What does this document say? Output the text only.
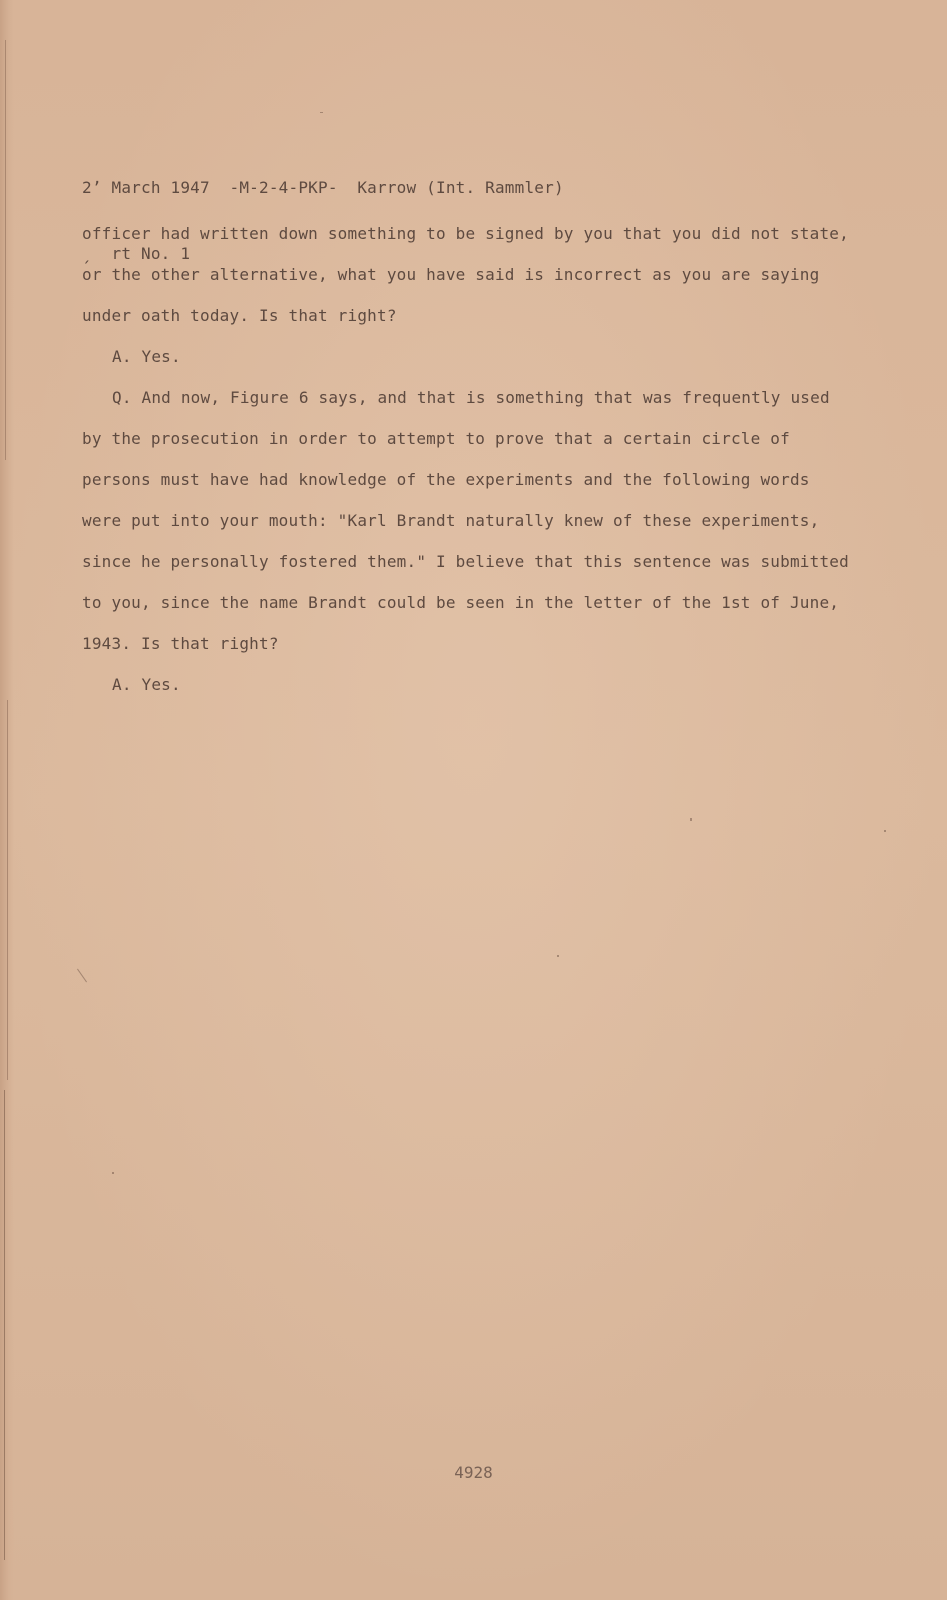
2ʼ March 1947  -M-2-4-PKP-  Karrow (Int. Rammler)

ˏ  rt No. 1

officer had written down something to be signed by you that you did not state,
or the other alternative, what you have said is incorrect as you are saying
under oath today. Is that right?
A. Yes.
Q. And now, Figure 6 says, and that is something that was frequently used
by the prosecution in order to attempt to prove that a certain circle of
persons must have had knowledge of the experiments and the following words
were put into your mouth: "Karl Brandt naturally knew of these experiments,
since he personally fostered them." I believe that this sentence was submitted
to you, since the name Brandt could be seen in the letter of the 1st of June,
1943. Is that right?
A. Yes.
4928
